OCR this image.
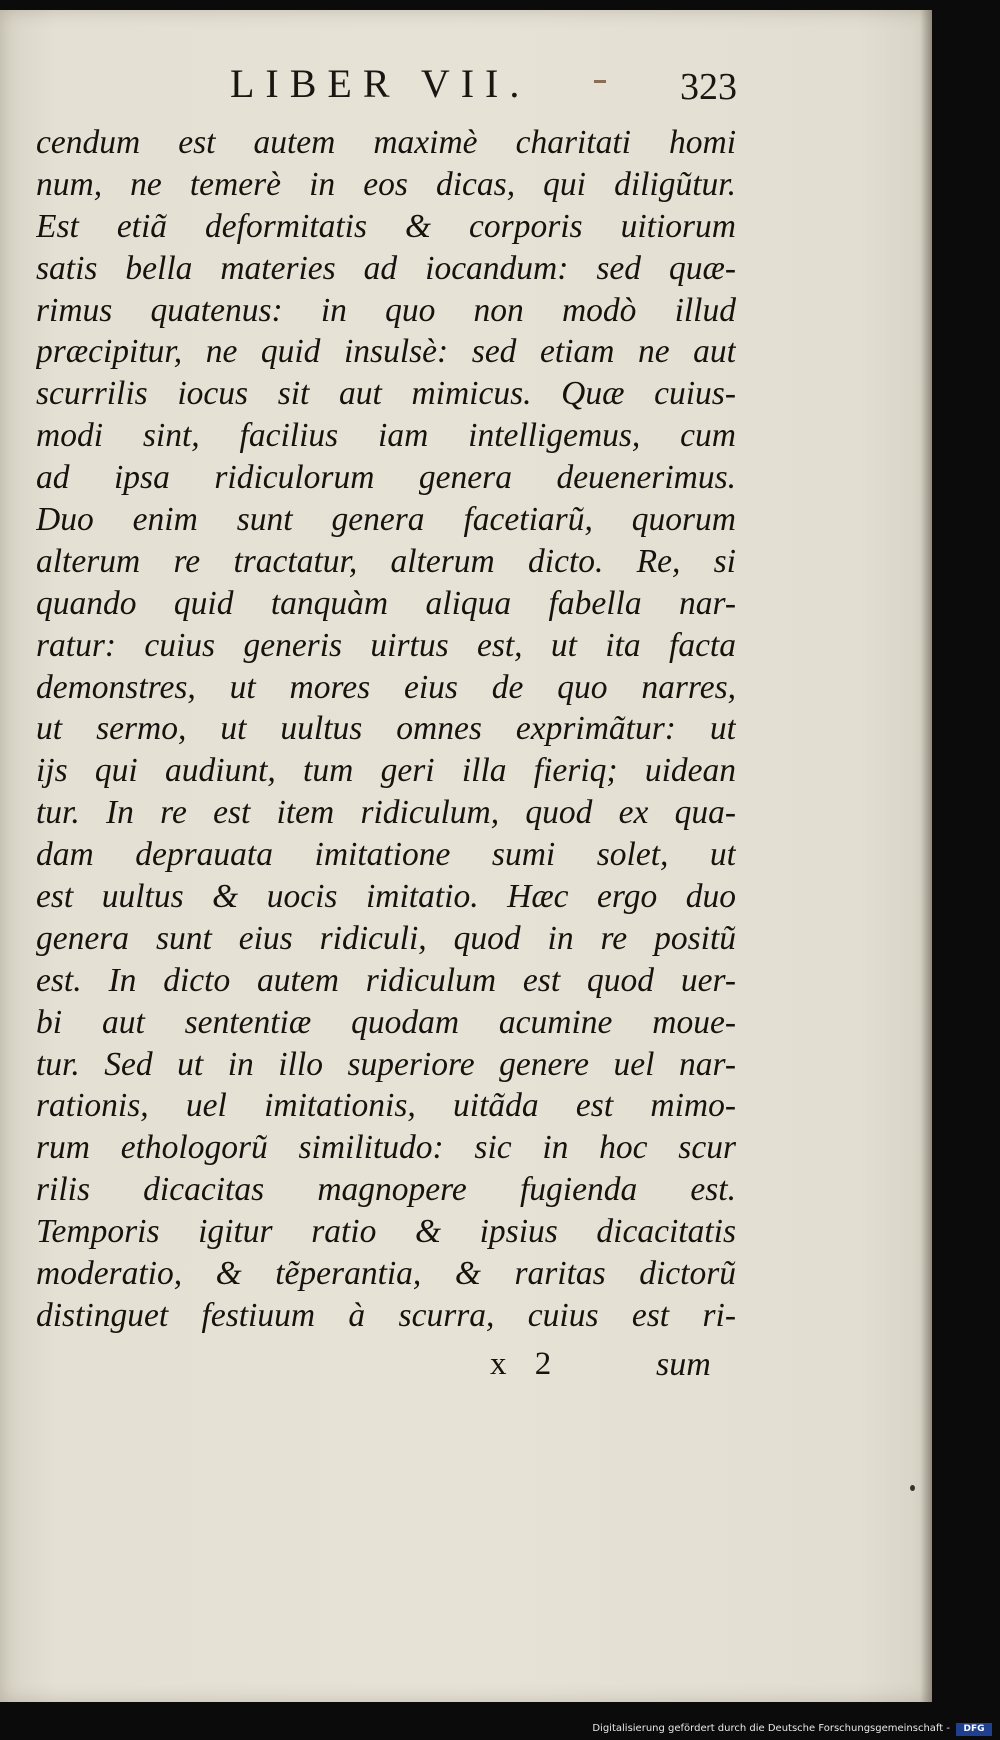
LIBER VII.	323
cendum est autem maximè charitati homi
num, ne temerè in eos dicas, qui diligũtur.
Est etiã deformitatis & corporis uitiorum
satis bella materies ad iocandum: sed quæ-
rimus quatenus: in quo non modò illud
præcipitur, ne quid insulsè: sed etiam ne aut
scurrilis iocus sit aut mimicus. Quæ cuius-
modi sint, facilius iam intelligemus, cum
ad ipsa ridiculorum genera deuenerimus.
Duo enim sunt genera facetiarũ, quorum
alterum re tractatur, alterum dicto. Re, si
quando quid tanquàm aliqua fabella nar-
ratur: cuius generis uirtus est, ut ita facta
demonstres, ut mores eius de quo narres,
ut sermo, ut uultus omnes exprimãtur: ut
ijs qui audiunt, tum geri illa fieriq; uidean
tur. In re est item ridiculum, quod ex qua-
dam deprauata imitatione sumi solet, ut
est uultus & uocis imitatio. Hæc ergo duo
genera sunt eius ridiculi, quod in re positũ
est. In dicto autem ridiculum est quod uer-
bi aut sententiæ quodam acumine moue-
tur. Sed ut in illo superiore genere uel nar-
rationis, uel imitationis, uitãda est mimo-
rum ethologorũ similitudo: sic in hoc scur
rilis dicacitas magnopere fugienda est.
Temporis igitur ratio & ipsius dicacitatis
moderatio, & tẽperantia, & raritas dictorũ
distinguet festiuum à scurra, cuius est ri-
x 2	sum
Digitalisierung gefördert durch die Deutsche Forschungsgemeinschaft -	DFG
